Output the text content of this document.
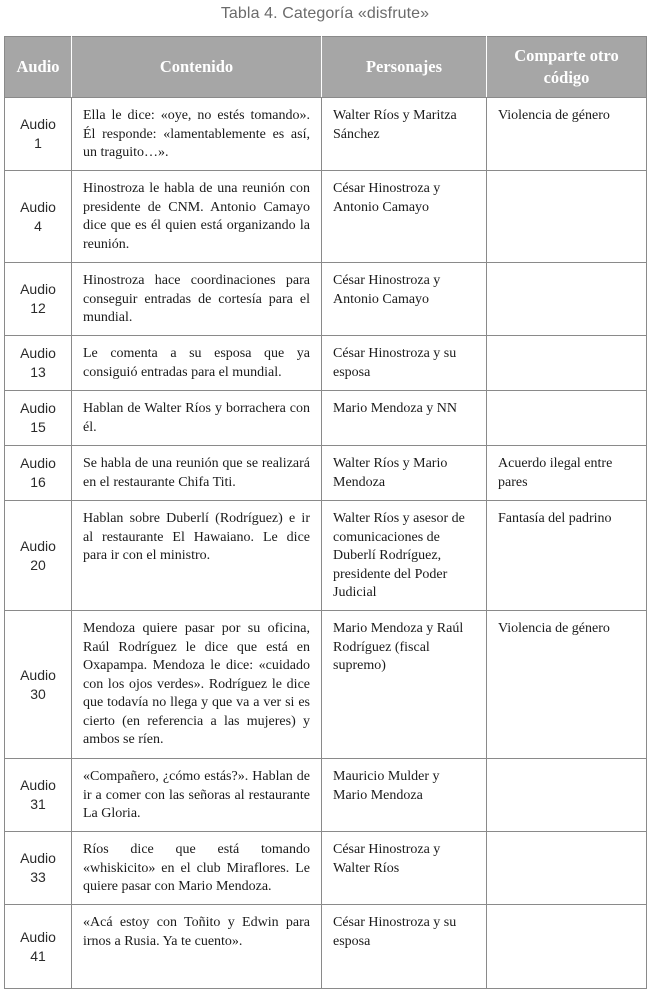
Tabla 4. Categoría «disfrute»
Audio	Contenido	Personajes	Comparte otro
código

Audio
1	Ella le dice: «oye, no estés tomando». Él responde: «lamentablemente es así, un traguito…».	Walter Ríos y Maritza Sánchez	Violencia de género

Audio
4	Hinostroza le habla de una reunión con presidente de CNM. Antonio Camayo dice que es él quien está organizando la reunión.	César Hinostroza y Antonio Camayo	

Audio
12	Hinostroza hace coordinaciones para conseguir entradas de cortesía para el mundial.	César Hinostroza y Antonio Camayo	

Audio
13	Le comenta a su esposa que ya consiguió entradas para el mundial.	César Hinostroza y su esposa	

Audio
15	Hablan de Walter Ríos y borrachera con él.	Mario Mendoza y NN	

Audio
16	Se habla de una reunión que se realizará en el restaurante Chifa Titi.	Walter Ríos y Mario Mendoza	Acuerdo ilegal entre pares

Audio
20	Hablan sobre Duberlí (Rodríguez) e ir al restaurante El Hawaiano. Le dice para ir con el ministro.	Walter Ríos y asesor de comunicaciones de Duberlí Rodríguez, presidente del Poder Judicial	Fantasía del padrino

Audio
30	Mendoza quiere pasar por su oficina, Raúl Rodríguez le dice que está en Oxapampa. Mendoza le dice: «cuidado con los ojos verdes». Rodríguez le dice que todavía no llega y que va a ver si es cierto (en referencia a las mujeres) y ambos se ríen.	Mario Mendoza y Raúl Rodríguez (fiscal supremo)	Violencia de género

Audio
31	«Compañero, ¿cómo estás?». Hablan de ir a comer con las señoras al restaurante La Gloria.	Mauricio Mulder y Mario Mendoza	

Audio
33	Ríos dice que está tomando «whiskicito» en el club Miraflores. Le quiere pasar con Mario Mendoza.	César Hinostroza y Walter Ríos	

Audio
41	«Acá estoy con Toñito y Edwin para irnos a Rusia. Ya te cuento».	César Hinostroza y su esposa	
